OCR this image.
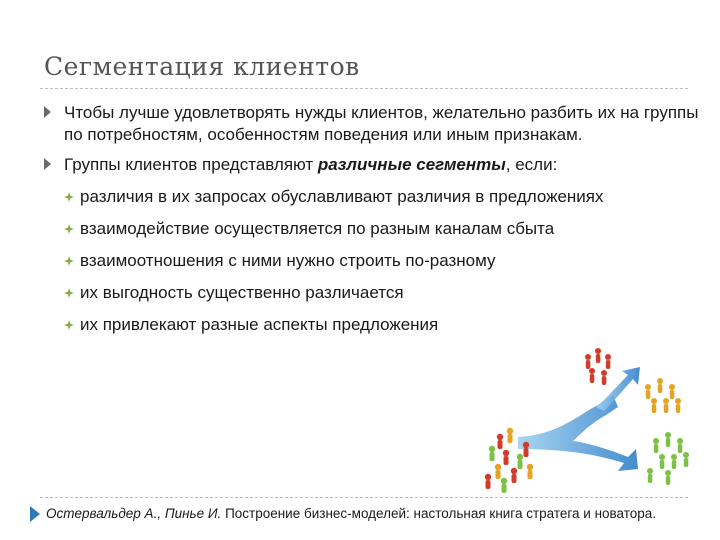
Сегментация клиентов
Чтобы лучше удовлетворять нужды клиентов, желательно разбить их на группы по потребностям, особенностям поведения или иным признакам.
Группы клиентов представляют различные сегменты, если:
различия в их запросах обуславливают различия в предложениях
взаимодействие осуществляется по разным каналам сбыта
взаимоотношения с ними нужно строить по-разному
их выгодность существенно различается
их привлекают разные аспекты предложения
Остервальдер А., Пинье И. Построение бизнес-моделей: настольная книга стратега и новатора.
